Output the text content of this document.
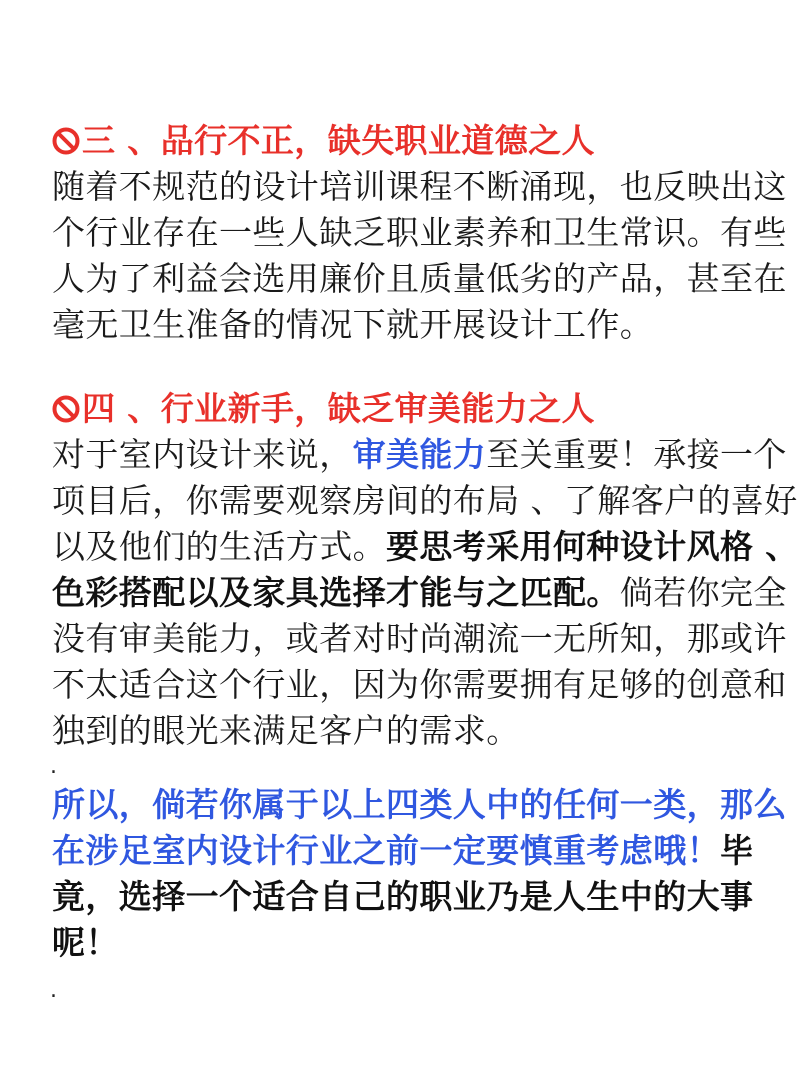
三 、品行不正，缺失职业道德之人
随着不规范的设计培训课程不断涌现，也反映出这
个行业存在一些人缺乏职业素养和卫生常识。有些
人为了利益会选用廉价且质量低劣的产品，甚至在
毫无卫生准备的情况下就开展设计工作。
四 、行业新手，缺乏审美能力之人
对于室内设计来说，审美能力至关重要！承接一个
项目后，你需要观察房间的布局 、了解客户的喜好
以及他们的生活方式。要思考采用何种设计风格 、
色彩搭配以及家具选择才能与之匹配。倘若你完全
没有审美能力，或者对时尚潮流一无所知，那或许
不太适合这个行业，因为你需要拥有足够的创意和
独到的眼光来满足客户的需求。
.
所以，倘若你属于以上四类人中的任何一类，那么
在涉足室内设计行业之前一定要慎重考虑哦！毕
竟，选择一个适合自己的职业乃是人生中的大事
呢！
.
